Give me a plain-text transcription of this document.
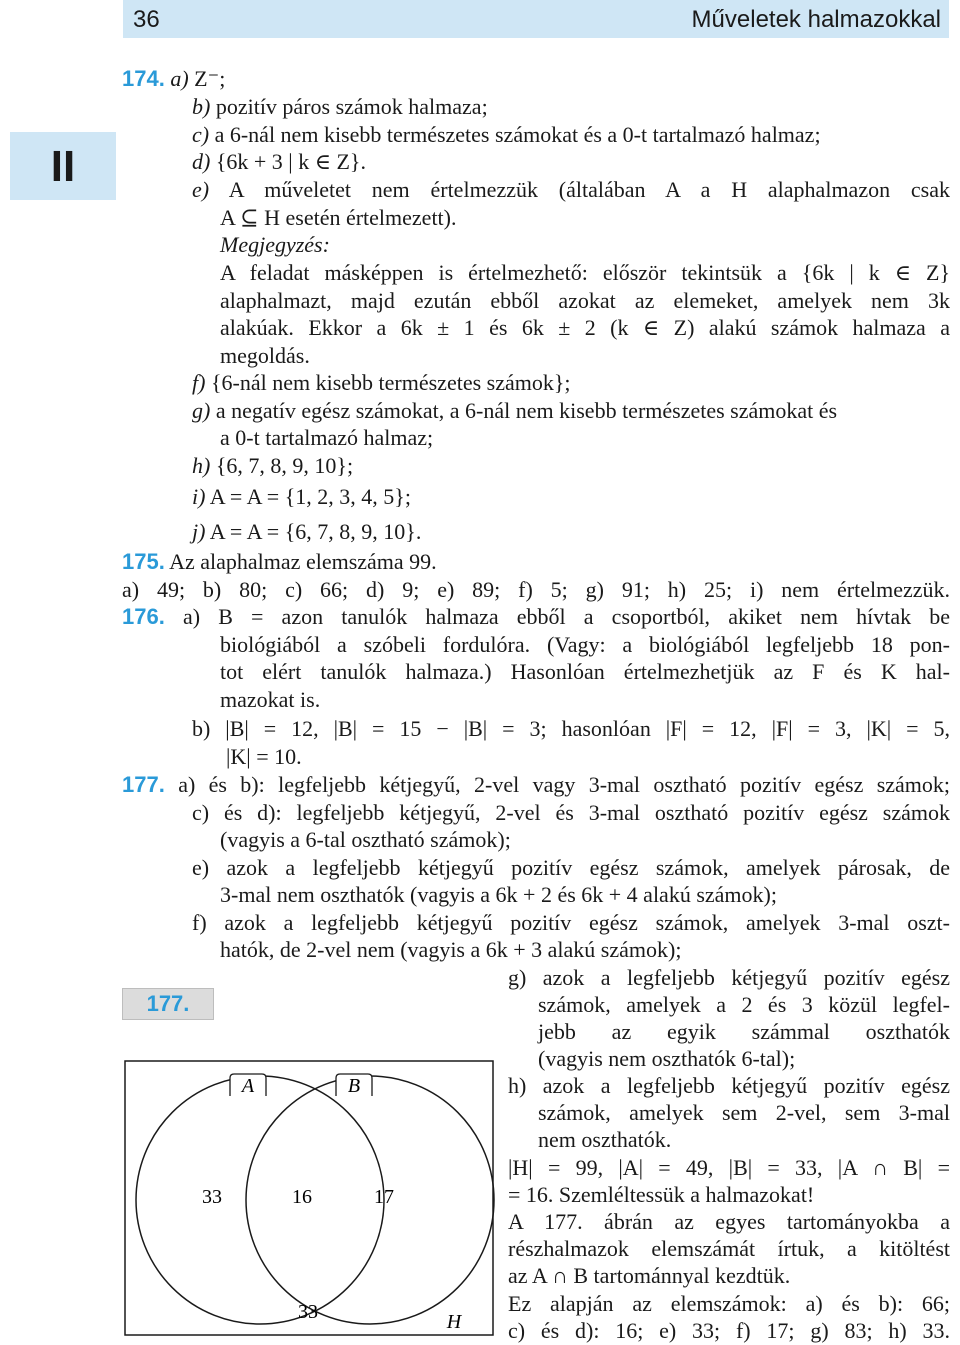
36	Műveletek halmazokkal
II
174. a) Z⁻;
b) pozitív páros számok halmaza;
c) a 6-nál nem kisebb természetes számokat és a 0-t tartalmazó halmaz;
d) {6k + 3 | k ∈ Z}.
e) A műveletet nem értelmezzük (általában A a H alaphalmazon csak
A ⊆ H esetén értelmezett).
Megjegyzés:
A feladat másképpen is értelmezhető: először tekintsük a {6k | k ∈ Z}
alaphalmazt, majd ezután ebből azokat az elemeket, amelyek nem 3k
alakúak. Ekkor a 6k ± 1 és 6k ± 2 (k ∈ Z) alakú számok halmaza a
megoldás.
f) {6-nál nem kisebb természetes számok};
g) a negatív egész számokat, a 6-nál nem kisebb természetes számokat és
a 0-t tartalmazó halmaz;
h) {6, 7, 8, 9, 10};
i) A = A = {1, 2, 3, 4, 5};
j) A = A = {6, 7, 8, 9, 10}.
175. Az alaphalmaz elemszáma 99.
a) 49; b) 80; c) 66; d) 9; e) 89; f) 5; g) 91; h) 25; i) nem értelmezzük.
176. a) B = azon tanulók halmaza ebből a csoportból, akiket nem hívtak be
biológiából a szóbeli fordulóra. (Vagy: a biológiából legfeljebb 18 pon-
tot elért tanulók halmaza.) Hasonlóan értelmezhetjük az F és K hal-
mazokat is.
b) |B| = 12, |B| = 15 − |B| = 3; hasonlóan |F| = 12, |F| = 3, |K| = 5,
|K| = 10.
177. a) és b): legfeljebb kétjegyű, 2-vel vagy 3-mal osztható pozitív egész számok;
c) és d): legfeljebb kétjegyű, 2-vel és 3-mal osztható pozitív egész számok
(vagyis a 6-tal osztható számok);
e) azok a legfeljebb kétjegyű pozitív egész számok, amelyek párosak, de
3-mal nem oszthatók (vagyis a 6k + 2 és 6k + 4 alakú számok);
f) azok a legfeljebb kétjegyű pozitív egész számok, amelyek 3-mal oszt-
hatók, de 2-vel nem (vagyis a 6k + 3 alakú számok);
g) azok a legfeljebb kétjegyű pozitív egész
számok, amelyek a 2 és 3 közül legfel-
jebb az egyik számmal oszthatók
(vagyis nem oszthatók 6-tal);
h) azok a legfeljebb kétjegyű pozitív egész
számok, amelyek sem 2-vel, sem 3-mal
nem oszthatók.
|H| = 99, |A| = 49, |B| = 33, |A ∩ B| =
= 16. Szemléltessük a halmazokat!
A 177. ábrán az egyes tartományokba a
részhalmazok elemszámát írtuk, a kitöltést
az A ∩ B tartománnyal kezdtük.
Ez alapján az elemszámok: a) és b): 66;
c) és d): 16; e) 33; f) 17; g) 83; h) 33.
177.
A	B
33	16	17
33	H
